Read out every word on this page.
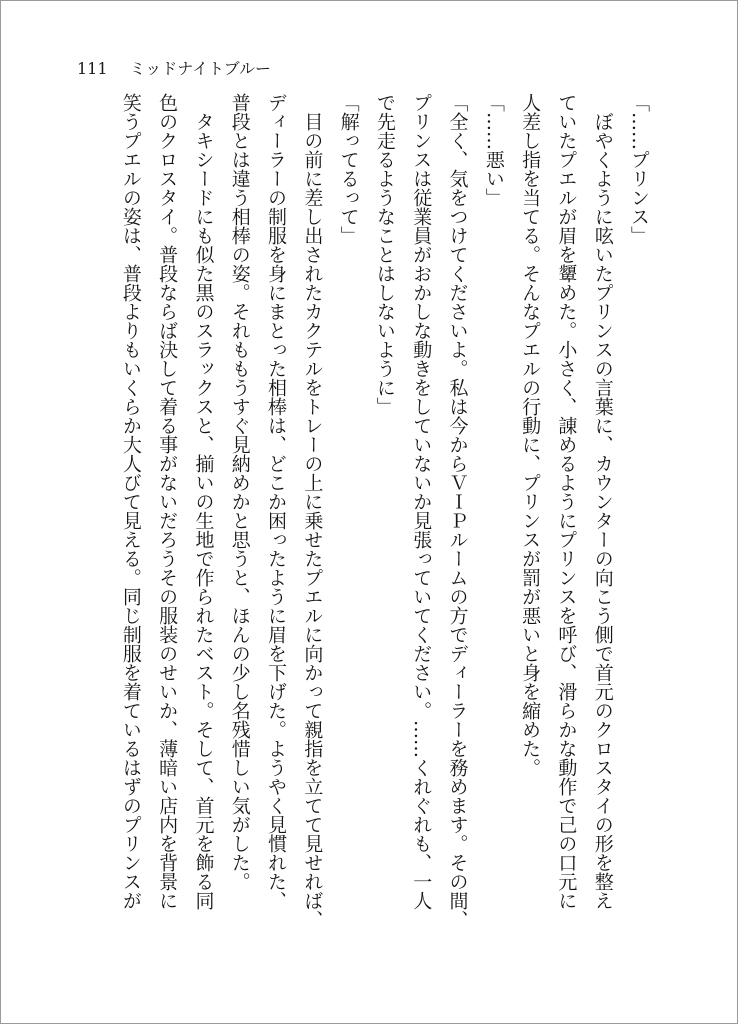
111 ミッドナイトブルー
「……プリンス」
　ぼやくように呟いたプリンスの言葉に、カウンターの向こう側で首元のクロスタイの形を整え
ていたプエルが眉を顰めた。小さく、諌めるようにプリンスを呼び、滑らかな動作で己の口元に
人差し指を当てる。そんなプエルの行動に、プリンスが罰が悪いと身を縮めた。
「……悪い」
「全く、気をつけてくださいよ。私は今からＶＩＰルームの方でディーラーを務めます。その間、
プリンスは従業員がおかしな動きをしていないか見張っていてください。……くれぐれも、一人
で先走るようなことはしないように」
「解ってるって」
　目の前に差し出されたカクテルをトレーの上に乗せたプエルに向かって親指を立てて見せれば、
ディーラーの制服を身にまとった相棒は、どこか困ったように眉を下げた。ようやく見慣れた、
普段とは違う相棒の姿。それももうすぐ見納めかと思うと、ほんの少し名残惜しい気がした。
　タキシードにも似た黒のスラックスと、揃いの生地で作られたベスト。そして、首元を飾る同
色のクロスタイ。普段ならば決して着る事がないだろうその服装のせいか、薄暗い店内を背景に
笑うプエルの姿は、普段よりもいくらか大人びて見える。同じ制服を着ているはずのプリンスが
